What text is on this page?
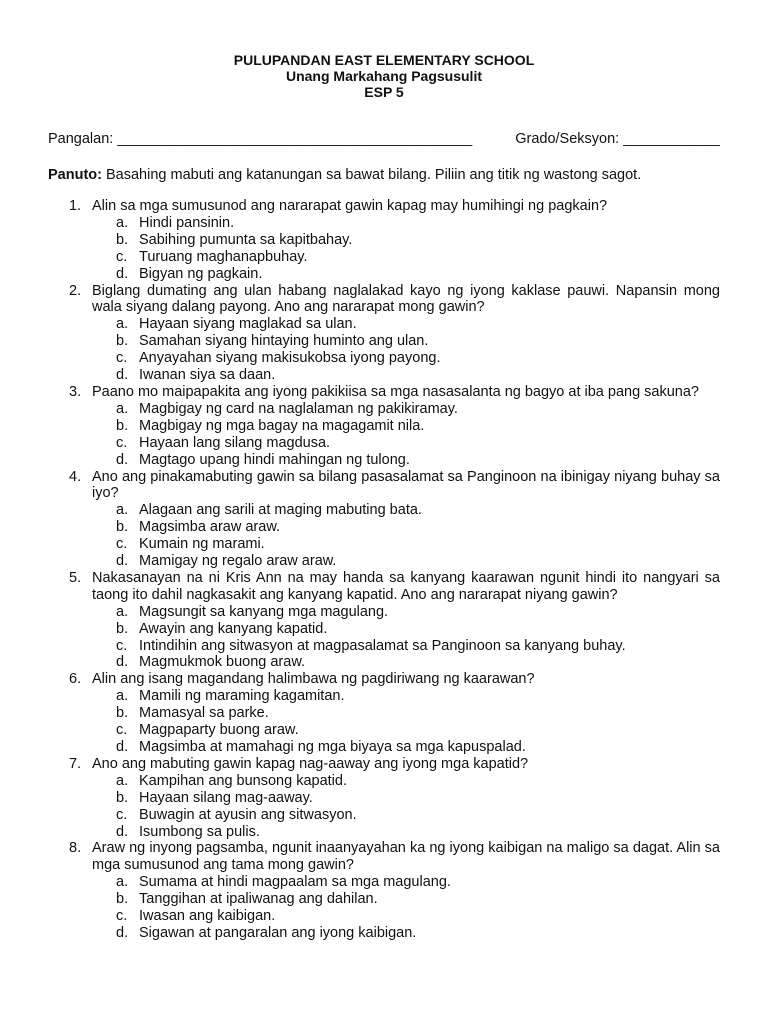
PULUPANDAN EAST ELEMENTARY SCHOOL
Unang Markahang Pagsusulit
ESP 5
Pangalan: ____________________________________________	Grado/Seksyon: ____________
Panuto: Basahing mabuti ang katanungan sa bawat bilang. Piliin ang titik ng wastong sagot.
1. Alin sa mga sumusunod ang nararapat gawin kapag may humihingi ng pagkain?
a. Hindi pansinin.
b. Sabihing pumunta sa kapitbahay.
c. Turuang maghanapbuhay.
d. Bigyan ng pagkain.
2. Biglang dumating ang ulan habang naglalakad kayo ng iyong kaklase pauwi. Napansin mong wala siyang dalang payong. Ano ang nararapat mong gawin?
a. Hayaan siyang maglakad sa ulan.
b. Samahan siyang hintaying huminto ang ulan.
c. Anyayahan siyang makisukobsa iyong payong.
d. Iwanan siya sa daan.
3. Paano mo maipapakita ang iyong pakikiisa sa mga nasasalanta ng bagyo at iba pang sakuna?
a. Magbigay ng card na naglalaman ng pakikiramay.
b. Magbigay ng mga bagay na magagamit nila.
c. Hayaan lang silang magdusa.
d. Magtago upang hindi mahingan ng tulong.
4. Ano ang pinakamabuting gawin sa bilang pasasalamat sa Panginoon na ibinigay niyang buhay sa iyo?
a. Alagaan ang sarili at maging mabuting bata.
b. Magsimba araw araw.
c. Kumain ng marami.
d. Mamigay ng regalo araw araw.
5. Nakasanayan na ni Kris Ann na may handa sa kanyang kaarawan ngunit hindi ito nangyari sa taong ito dahil nagkasakit ang kanyang kapatid. Ano ang nararapat niyang gawin?
a. Magsungit sa kanyang mga magulang.
b. Awayin ang kanyang kapatid.
c. Intindihin ang sitwasyon at magpasalamat sa Panginoon sa kanyang buhay.
d. Magmukmok buong araw.
6. Alin ang isang magandang halimbawa ng pagdiriwang ng kaarawan?
a. Mamili ng maraming kagamitan.
b. Mamasyal sa parke.
c. Magpaparty buong araw.
d. Magsimba at mamahagi ng mga biyaya sa mga kapuspalad.
7. Ano ang mabuting gawin kapag nag-aaway ang iyong mga kapatid?
a. Kampihan ang bunsong kapatid.
b. Hayaan silang mag-aaway.
c. Buwagin at ayusin ang sitwasyon.
d. Isumbong sa pulis.
8. Araw ng inyong pagsamba, ngunit inaanyayahan ka ng iyong kaibigan na maligo sa dagat. Alin sa mga sumusunod ang tama mong gawin?
a. Sumama at hindi magpaalam sa mga magulang.
b. Tanggihan at ipaliwanag ang dahilan.
c. Iwasan ang kaibigan.
d. Sigawan at pangaralan ang iyong kaibigan.
